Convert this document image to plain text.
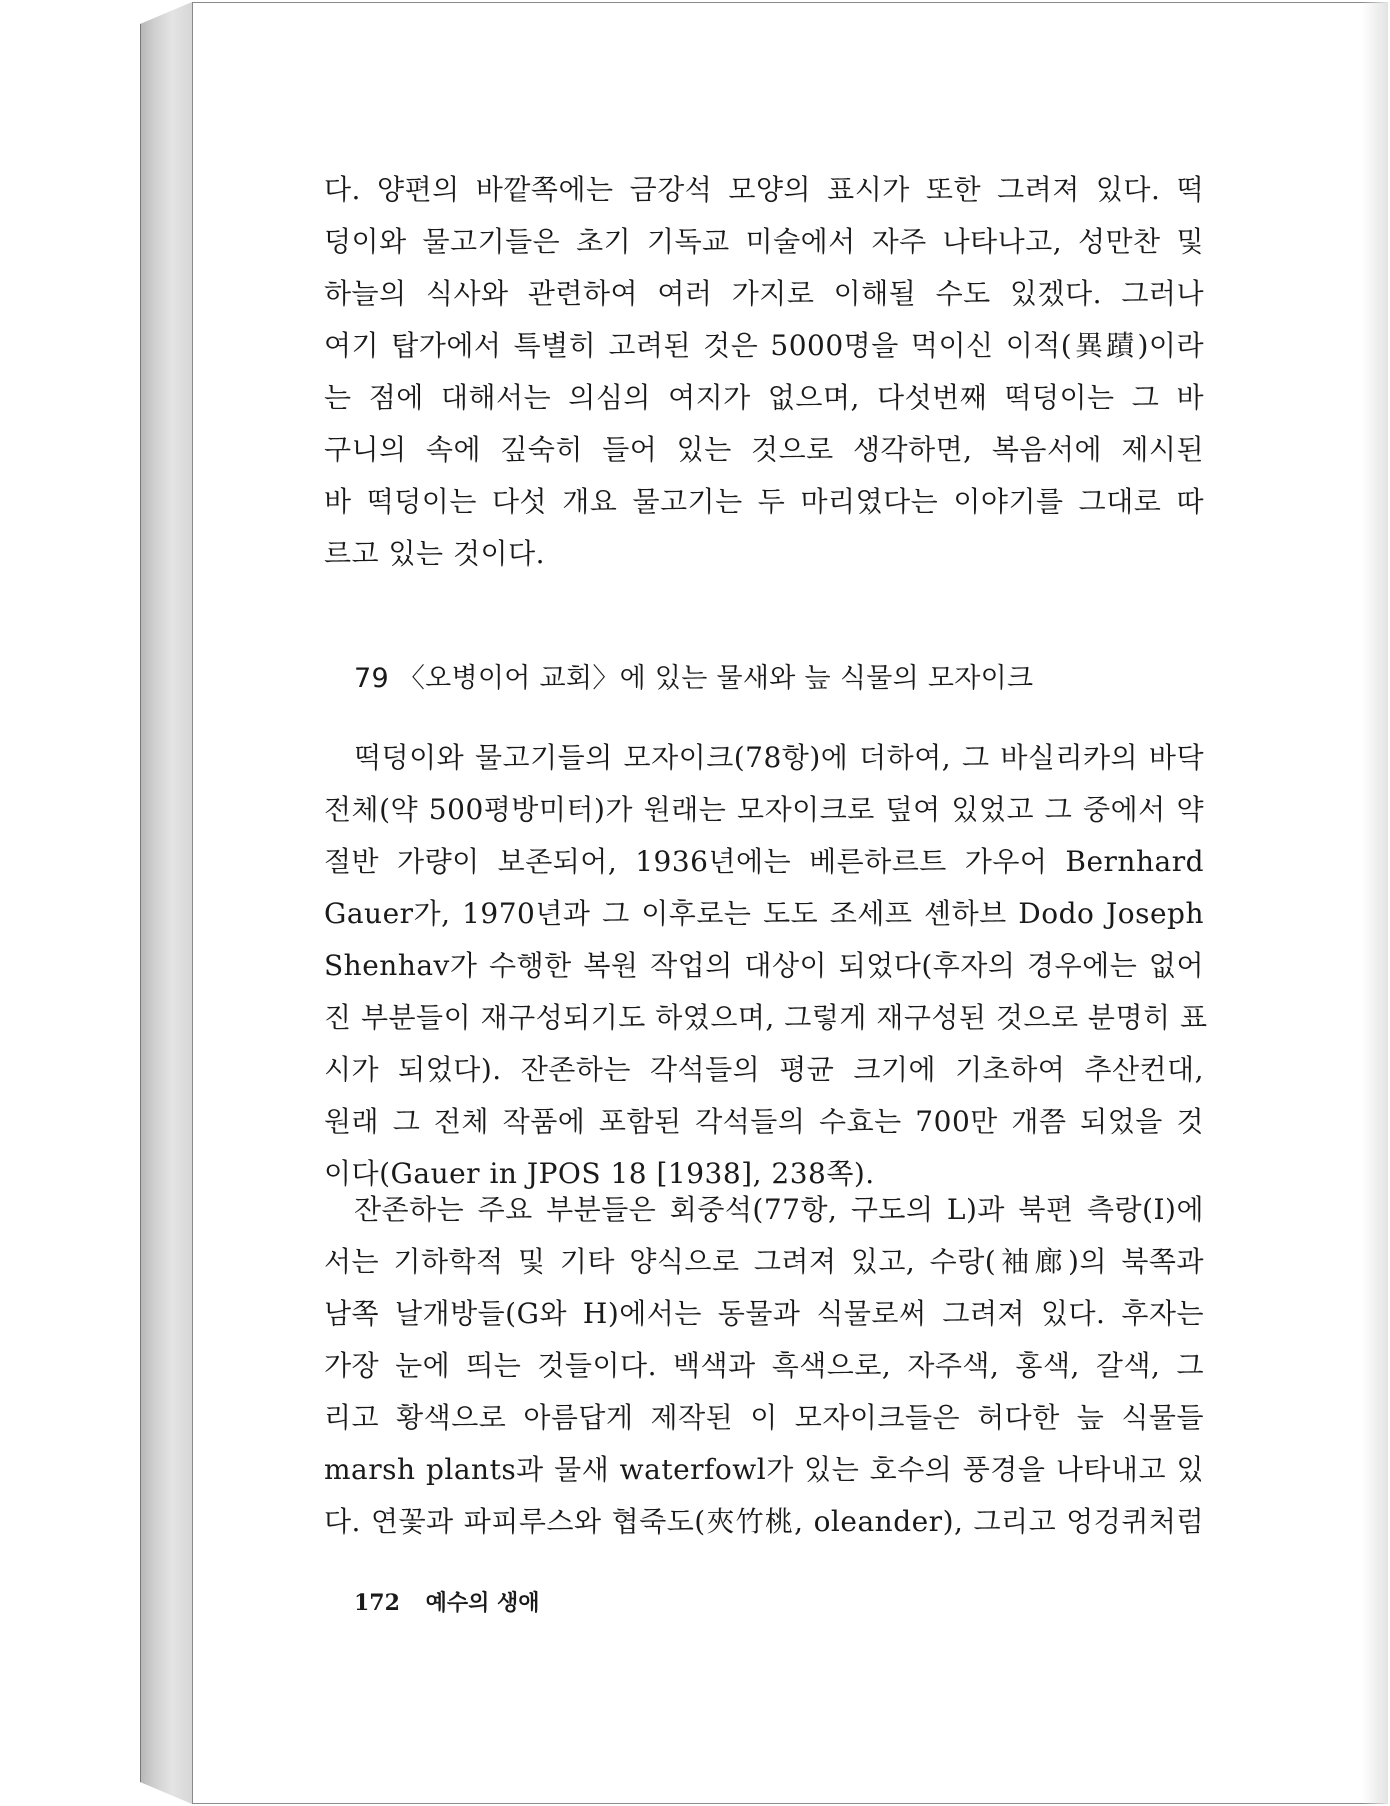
다. 양편의 바깥쪽에는 금강석 모양의 표시가 또한 그려져 있다. 떡
덩이와 물고기들은 초기 기독교 미술에서 자주 나타나고, 성만찬 및
하늘의 식사와 관련하여 여러 가지로 이해될 수도 있겠다. 그러나
여기 탑가에서 특별히 고려된 것은 5000명을 먹이신 이적(異蹟)이라
는 점에 대해서는 의심의 여지가 없으며, 다섯번째 떡덩이는 그 바
구니의 속에 깊숙히 들어 있는 것으로 생각하면, 복음서에 제시된
바 떡덩이는 다섯 개요 물고기는 두 마리였다는 이야기를 그대로 따
르고 있는 것이다.
79 〈오병이어 교회〉에 있는 물새와 늪 식물의 모자이크
떡덩이와 물고기들의 모자이크(78항)에 더하여, 그 바실리카의 바닥
전체(약 500평방미터)가 원래는 모자이크로 덮여 있었고 그 중에서 약
절반 가량이 보존되어, 1936년에는 베른하르트 가우어 Bernhard
Gauer가, 1970년과 그 이후로는 도도 조세프 셴하브 Dodo Joseph
Shenhav가 수행한 복원 작업의 대상이 되었다(후자의 경우에는 없어
진 부분들이 재구성되기도 하였으며, 그렇게 재구성된 것으로 분명히 표
시가 되었다). 잔존하는 각석들의 평균 크기에 기초하여 추산컨대,
원래 그 전체 작품에 포함된 각석들의 수효는 700만 개쯤 되었을 것
이다(Gauer in JPOS 18 [1938], 238쪽).
잔존하는 주요 부분들은 회중석(77항, 구도의 L)과 북편 측랑(I)에
서는 기하학적 및 기타 양식으로 그려져 있고, 수랑(袖廊)의 북쪽과
남쪽 날개방들(G와 H)에서는 동물과 식물로써 그려져 있다. 후자는
가장 눈에 띄는 것들이다. 백색과 흑색으로, 자주색, 홍색, 갈색, 그
리고 황색으로 아름답게 제작된 이 모자이크들은 허다한 늪 식물들
marsh plants과 물새 waterfowl가 있는 호수의 풍경을 나타내고 있
다. 연꽃과 파피루스와 협죽도(夾竹桃, oleander), 그리고 엉겅퀴처럼
172 예수의 생애
